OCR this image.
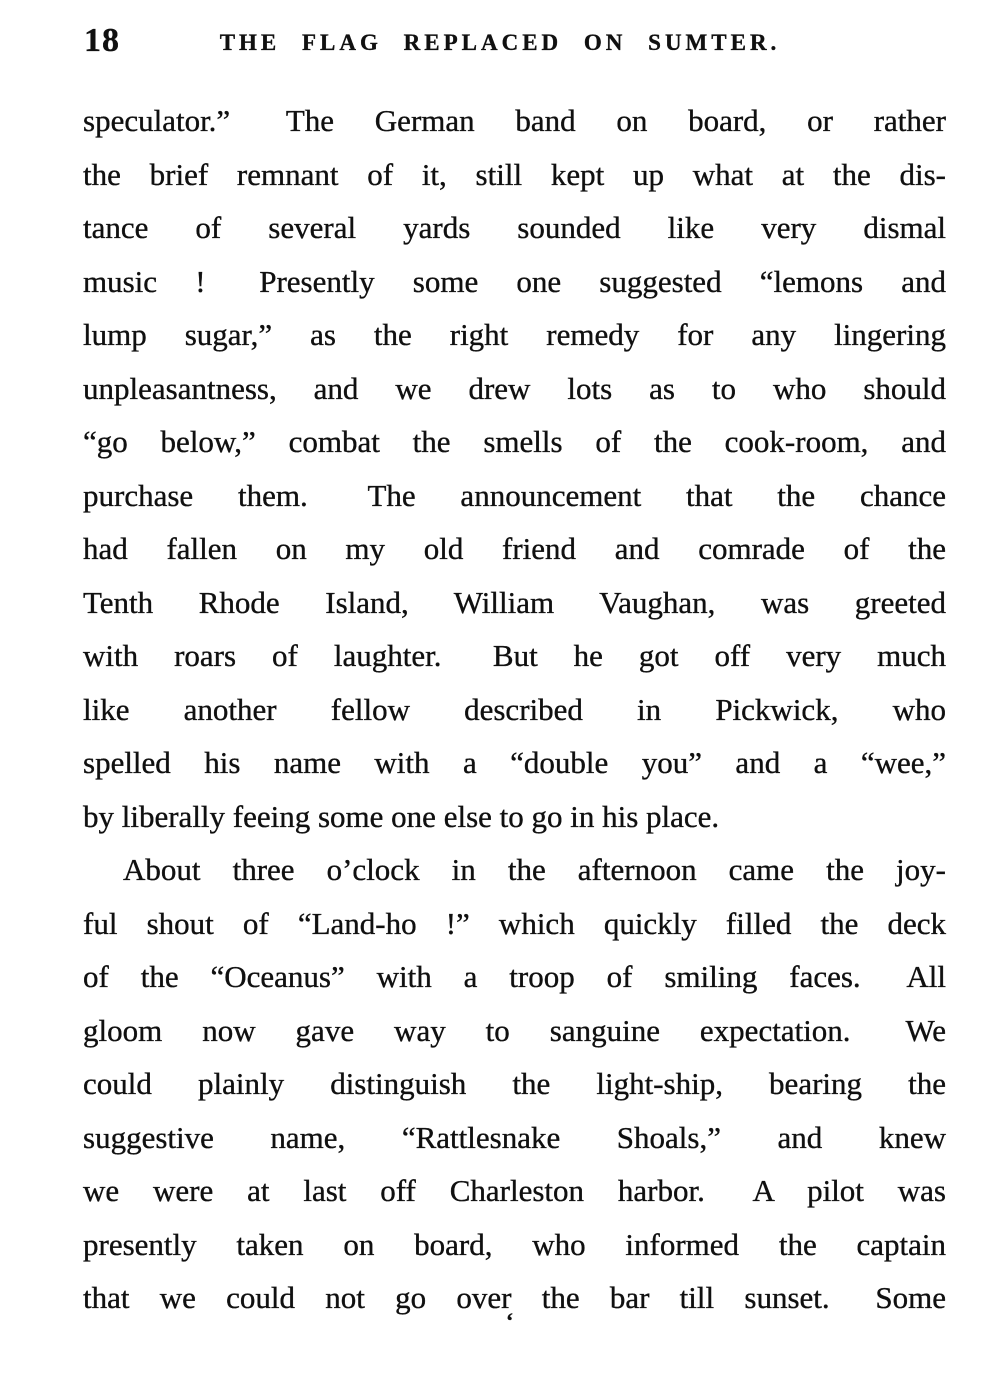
18	THE FLAG REPLACED ON SUMTER.
speculator.”  The German band on board, or rather
the brief remnant of it, still kept up what at the dis-
tance of several yards sounded like very dismal
music !  Presently some one suggested “lemons and
lump sugar,” as the right remedy for any lingering
unpleasantness, and we drew lots as to who should
“go below,” combat the smells of the cook-room, and
purchase them.  The announcement that the chance
had fallen on my old friend and comrade of the
Tenth Rhode Island, William Vaughan, was greeted
with roars of laughter.  But he got off very much
like another fellow described in Pickwick, who
spelled his name with a “double you” and a “wee,”
by liberally feeing some one else to go in his place.
About three o’clock in the afternoon came the joy-
ful shout of “Land-ho !” which quickly filled the deck
of the “Oceanus” with a troop of smiling faces.  All
gloom now gave way to sanguine expectation.  We
could plainly distinguish the light-ship, bearing the
suggestive name, “Rattlesnake Shoals,” and knew
we were at last off Charleston harbor.  A pilot was
presently taken on board, who informed the captain
that we could not go over the bar till sunset.  Some
‘
